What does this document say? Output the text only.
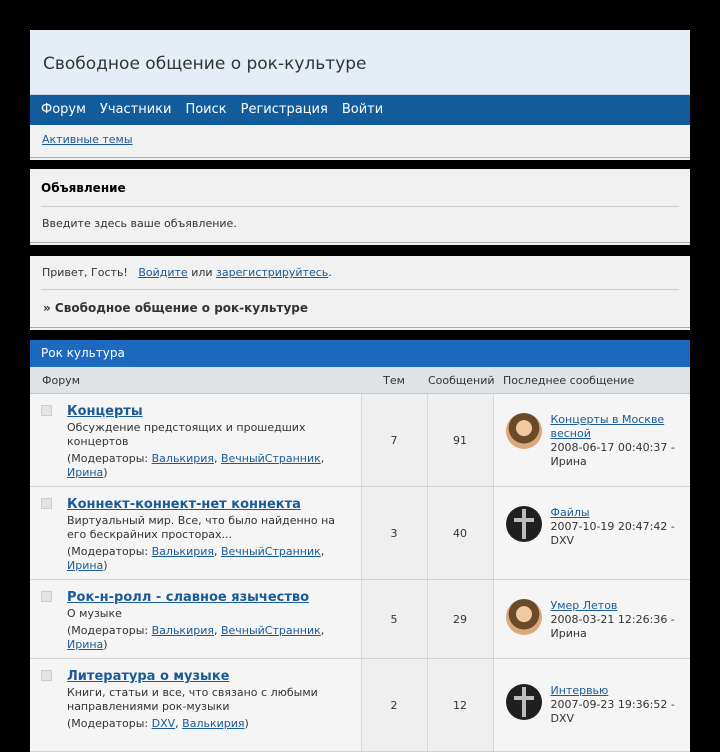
Свободное общение о рок-культуре
Форум Участники Поиск Регистрация Войти
Активные темы
Объявление
Введите здесь ваше объявление.
Привет, Гость! Войдите или зарегистрируйтесь.
» Свободное общение о рок-культуре
Рок культура
Форум	Тем	Сообщений	Последнее сообщение

Концерты
Обсуждение предстоящих и прошедших концертов
(Модераторы: Валькирия, ВечныйСтранник, Ирина)	7	91	Концерты в Москве весной
2008-06-17 00:40:37 -
Ирина

Коннект-коннект-нет коннекта
Виртуальный мир. Все, что было найденно на его бескрайних просторах...
(Модераторы: Валькирия, ВечныйСтранник, Ирина)	3	40	Файлы
2007-10-19 20:47:42 -
DXV

Рок-н-ролл - славное язычество
О музыке
(Модераторы: Валькирия, ВечныйСтранник, Ирина)	5	29	Умер Летов
2008-03-21 12:26:36 -
Ирина

Литература о музыке
Книги, статьи и все, что связано с любыми направлениями рок-музыки
(Модераторы: DXV, Валькирия)	2	12	Интервью
2007-09-23 19:36:52 -
DXV
